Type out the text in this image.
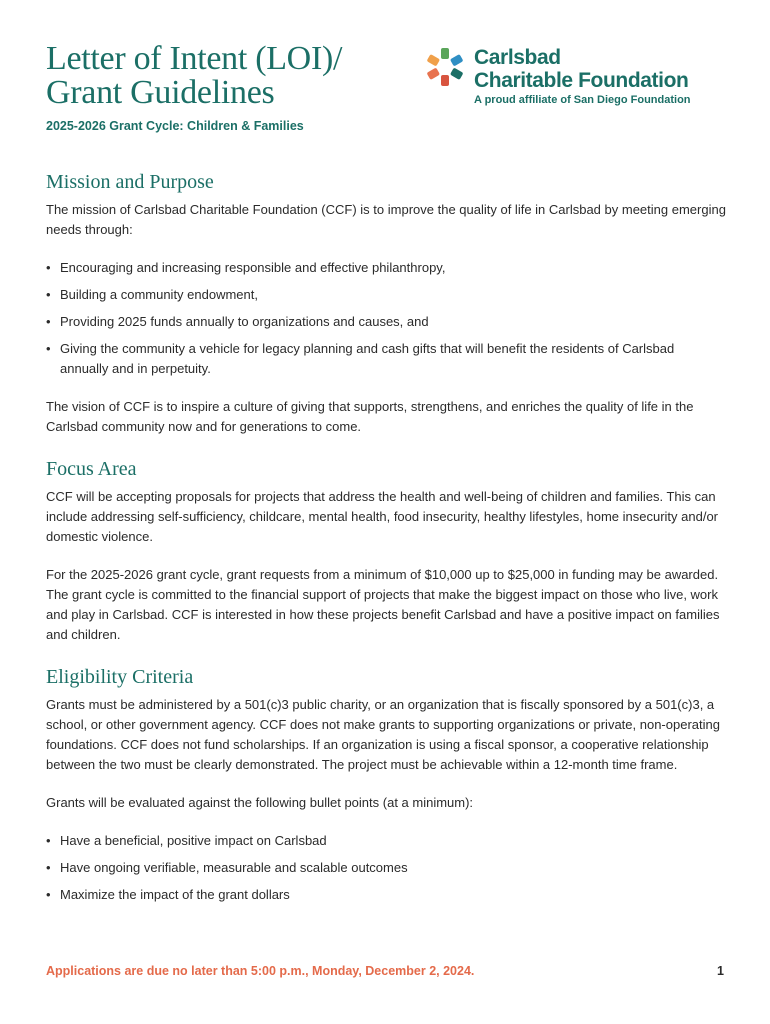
Letter of Intent (LOI)/
Grant Guidelines

2025-2026 Grant Cycle: Children & Families

Carlsbad
Charitable Foundation

A proud affiliate of San Diego Foundation
Mission and Purpose

The mission of Carlsbad Charitable Foundation (CCF) is to improve the quality of life in Carlsbad by meeting emerging needs through:

• Encouraging and increasing responsible and effective philanthropy,
• Building a community endowment,
• Providing 2025 funds annually to organizations and causes, and
• Giving the community a vehicle for legacy planning and cash gifts that will benefit the residents of Carlsbad annually and in perpetuity.

The vision of CCF is to inspire a culture of giving that supports, strengthens, and enriches the quality of life in the Carlsbad community now and for generations to come.

Focus Area

CCF will be accepting proposals for projects that address the health and well-being of children and families. This can include addressing self-sufficiency, childcare, mental health, food insecurity, healthy lifestyles, home insecurity and/or domestic violence.

For the 2025-2026 grant cycle, grant requests from a minimum of $10,000 up to $25,000 in funding may be awarded. The grant cycle is committed to the financial support of projects that make the biggest impact on those who live, work and play in Carlsbad. CCF is interested in how these projects benefit Carlsbad and have a positive impact on families and children.

Eligibility Criteria

Grants must be administered by a 501(c)3 public charity, or an organization that is fiscally sponsored by a 501(c)3, a school, or other government agency. CCF does not make grants to supporting organizations or private, non-operating foundations. CCF does not fund scholarships. If an organization is using a fiscal sponsor, a cooperative relationship between the two must be clearly demonstrated. The project must be achievable within a 12-month time frame.

Grants will be evaluated against the following bullet points (at a minimum):

• Have a beneficial, positive impact on Carlsbad
• Have ongoing verifiable, measurable and scalable outcomes
• Maximize the impact of the grant dollars
Applications are due no later than 5:00 p.m., Monday, December 2, 2024.	1
